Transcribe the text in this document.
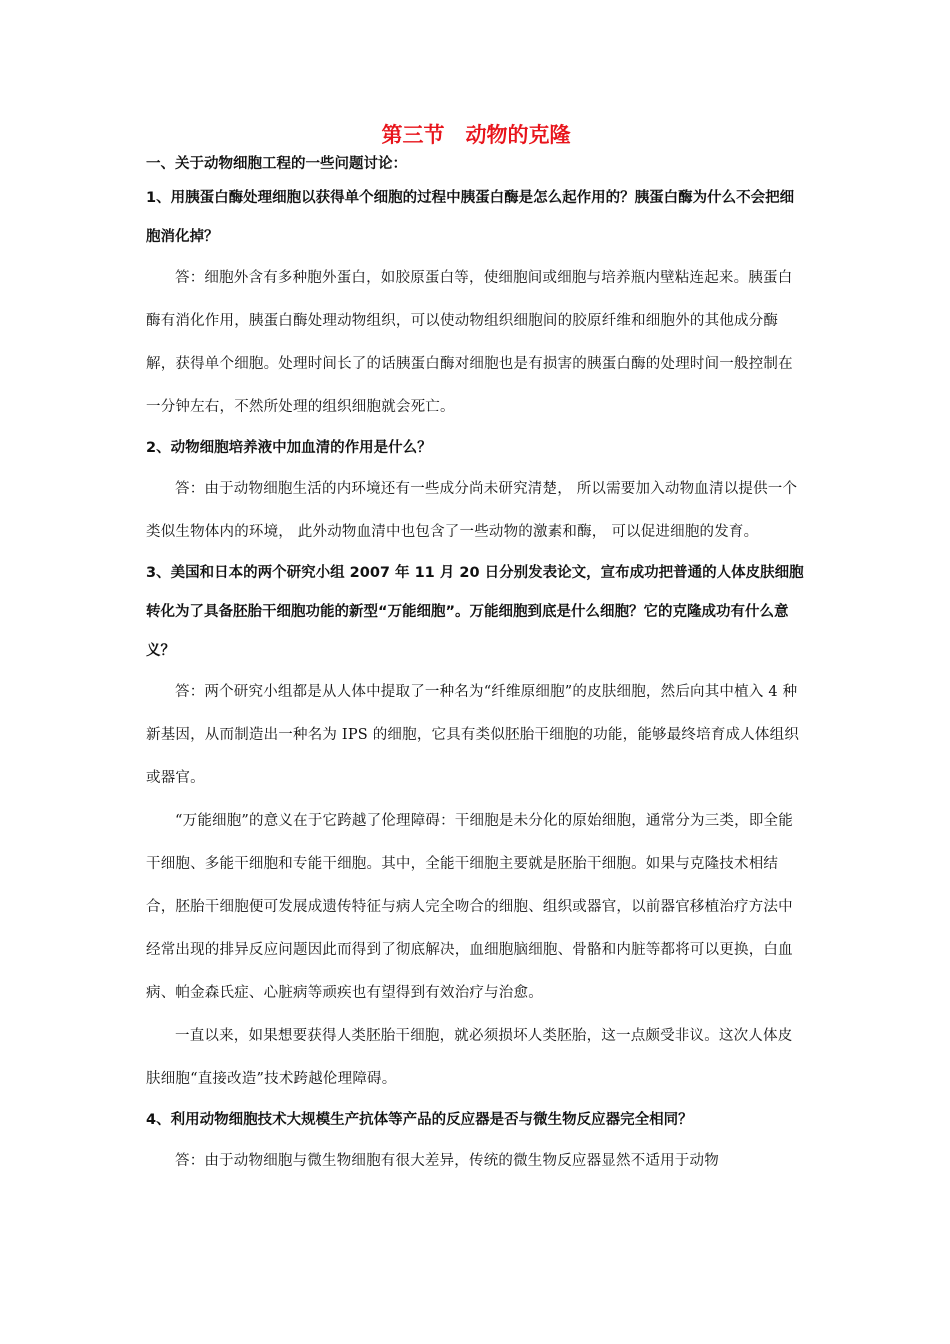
第三节　动物的克隆

一、关于动物细胞工程的一些问题讨论：

1、用胰蛋白酶处理细胞以获得单个细胞的过程中胰蛋白酶是怎么起作用的？胰蛋白酶为什么不会把细胞消化掉？

答：细胞外含有多种胞外蛋白，如胶原蛋白等，使细胞间或细胞与培养瓶内壁粘连起来。胰蛋白酶有消化作用，胰蛋白酶处理动物组织，可以使动物组织细胞间的胶原纤维和细胞外的其他成分酶解，获得单个细胞。处理时间长了的话胰蛋白酶对细胞也是有损害的胰蛋白酶的处理时间一般控制在一分钟左右，不然所处理的组织细胞就会死亡。

2、动物细胞培养液中加血清的作用是什么？

答：由于动物细胞生活的内环境还有一些成分尚未研究清楚， 所以需要加入动物血清以提供一个类似生物体内的环境， 此外动物血清中也包含了一些动物的激素和酶， 可以促进细胞的发育。

3、美国和日本的两个研究小组 2007 年 11 月 20 日分别发表论文，宣布成功把普通的人体皮肤细胞转化为了具备胚胎干细胞功能的新型“万能细胞”。万能细胞到底是什么细胞？它的克隆成功有什么意义？

答：两个研究小组都是从人体中提取了一种名为“纤维原细胞”的皮肤细胞，然后向其中植入 4 种新基因，从而制造出一种名为 IPS 的细胞，它具有类似胚胎干细胞的功能，能够最终培育成人体组织或器官。

“万能细胞”的意义在于它跨越了伦理障碍：干细胞是未分化的原始细胞，通常分为三类，即全能干细胞、多能干细胞和专能干细胞。其中，全能干细胞主要就是胚胎干细胞。如果与克隆技术相结合，胚胎干细胞便可发展成遗传特征与病人完全吻合的细胞、组织或器官，以前器官移植治疗方法中经常出现的排异反应问题因此而得到了彻底解决，血细胞脑细胞、骨骼和内脏等都将可以更换，白血病、帕金森氏症、心脏病等顽疾也有望得到有效治疗与治愈。

一直以来，如果想要获得人类胚胎干细胞，就必须损坏人类胚胎，这一点颇受非议。这次人体皮肤细胞“直接改造”技术跨越伦理障碍。

4、利用动物细胞技术大规模生产抗体等产品的反应器是否与微生物反应器完全相同？

答：由于动物细胞与微生物细胞有很大差异，传统的微生物反应器显然不适用于动物
